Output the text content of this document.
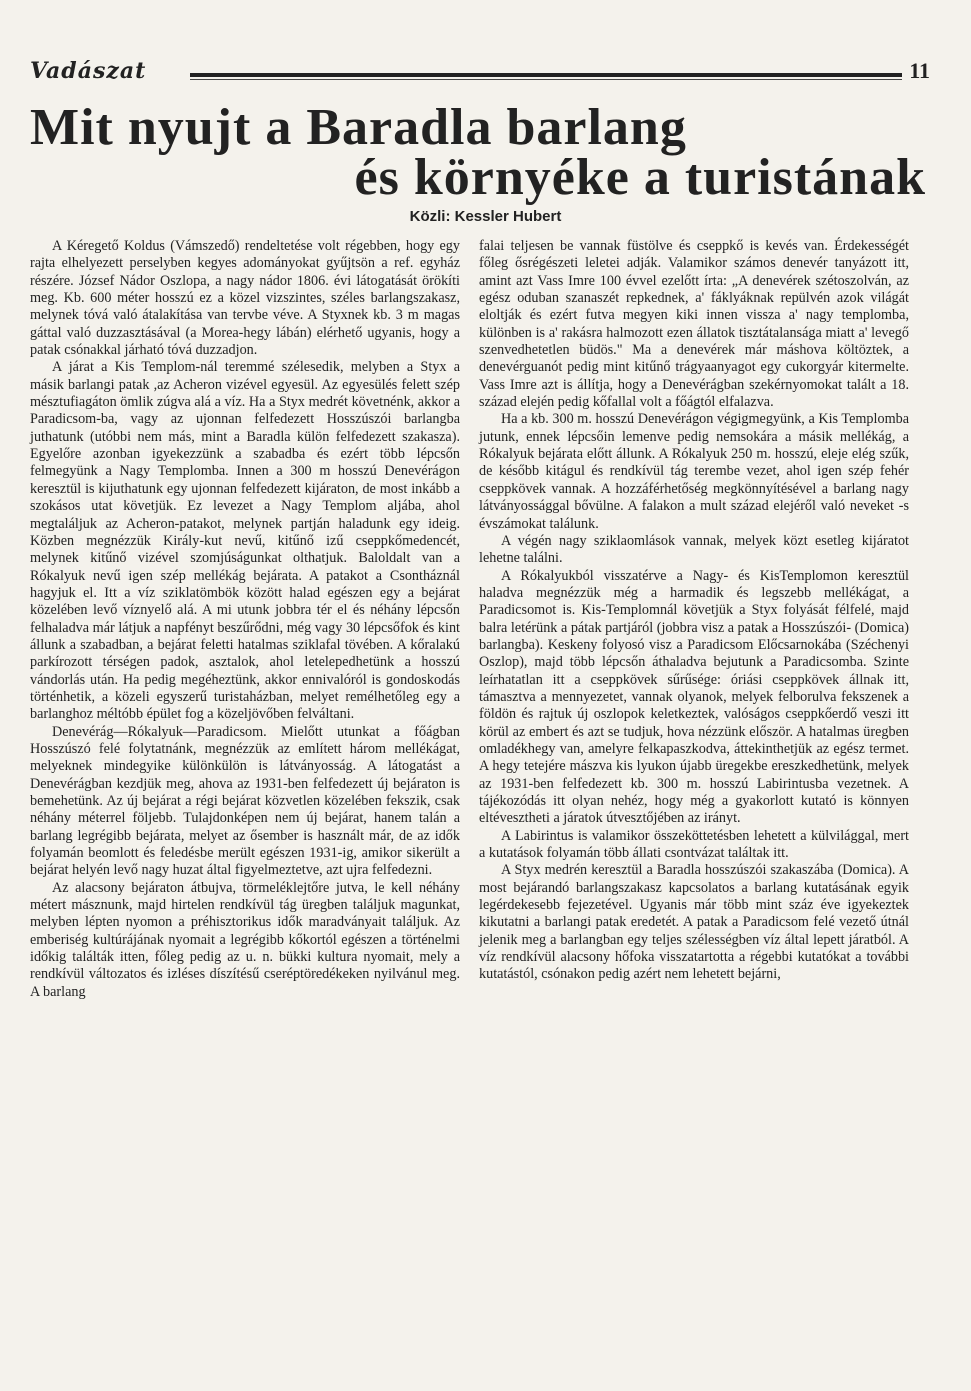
Vadászat	11
Mit nyujt a Baradla barlang
és környéke a turistának
Közli: Kessler Hubert

A Kéregető Koldus (Vámszedő) rendeltetése volt régebben, hogy egy rajta elhelyezett perselyben kegyes adományokat gyűjtsön a ref. egyház részére. József Nádor Oszlopa, a nagy nádor 1806. évi látogatását örökíti meg. Kb. 600 méter hosszú ez a közel vizszintes, széles barlangszakasz, melynek tóvá való átalakítása van tervbe véve. A Styxnek kb. 3 m magas gáttal való duzzasztásával (a Morea-hegy lábán) elérhető ugyanis, hogy a patak csónakkal járható tóvá duzzadjon.

A járat a Kis Templom-nál teremmé szélesedik, melyben a Styx a másik barlangi patak ,az Acheron vizével egyesül. Az egyesülés felett szép mésztufiagáton ömlik zúgva alá a víz. Ha a Styx medrét követnénk, akkor a Paradicsom-ba, vagy az ujonnan felfedezett Hosszúszói barlangba juthatunk (utóbbi nem más, mint a Baradla külön felfedezett szakasza). Egyelőre azonban igyekezzünk a szabadba és ezért több lépcsőn felmegyünk a Nagy Templomba. Innen a 300 m hosszú Denevérágon keresztül is kijuthatunk egy ujonnan felfedezett kijáraton, de most inkább a szokásos utat követjük. Ez levezet a Nagy Templom aljába, ahol megtaláljuk az Acheron-patakot, melynek partján haladunk egy ideig. Közben megnézzük Király-kut nevű, kitűnő izű cseppkőmedencét, melynek kitűnő vizével szomjúságunkat olthatjuk. Baloldalt van a Rókalyuk nevű igen szép mellékág bejárata. A patakot a Csontháznál hagyjuk el. Itt a víz sziklatömbök között halad egészen egy a bejárat közelében levő víznyelő alá. A mi utunk jobbra tér el és néhány lépcsőn felhaladva már látjuk a napfényt beszűrődni, még vagy 30 lépcsőfok és kint állunk a szabadban, a bejárat feletti hatalmas sziklafal tövében. A kőralakú parkírozott térségen padok, asztalok, ahol letelepedhetünk a hosszú vándorlás után. Ha pedig megéheztünk, akkor ennivalóról is gondoskodás történhetik, a közeli egyszerű turistaházban, melyet remélhetőleg egy a barlanghoz méltóbb épület fog a közeljövőben felváltani.

Denevérág—Rókalyuk—Paradicsom. Mielőtt utunkat a főágban Hosszúszó felé folytatnánk, megnézzük az említett három mellékágat, melyeknek mindegyike különkülön is látványosság. A látogatást a Denevérágban kezdjük meg, ahova az 1931-ben felfedezett új bejáraton is bemehetünk. Az új bejárat a régi bejárat közvetlen közelében fekszik, csak néhány méterrel följebb. Tulajdonképen nem új bejárat, hanem talán a barlang legrégibb bejárata, melyet az ősember is használt már, de az idők folyamán beomlott és feledésbe merült egészen 1931-ig, amikor sikerült a bejárat helyén levő nagy huzat által figyelmeztetve, azt ujra felfedezni.

Az alacsony bejáraton átbujva, törmeléklejtőre jutva, le kell néhány métert másznunk, majd hirtelen rendkívül tág üregben találjuk magunkat, melyben lépten nyomon a préhisztorikus idők maradványait találjuk. Az emberiség kultúrájának nyomait a legrégibb kőkortól egészen a történelmi időkig találták itten, főleg pedig az u. n. bükki kultura nyomait, mely a rendkívül változatos és izléses díszítésű cseréptöredékeken nyilvánul meg. A barlang

falai teljesen be vannak füstölve és cseppkő is kevés van. Érdekességét főleg ősrégészeti leletei adják. Valamikor számos denevér tanyázott itt, amint azt Vass Imre 100 évvel ezelőtt írta: „A denevérek szétoszolván, az egész oduban szanaszét repkednek, a' fáklyáknak repülvén azok világát eloltják és ezért futva megyen kiki innen vissza a' nagy templomba, különben is a' rakásra halmozott ezen állatok tisztátalansága miatt a' levegő szenvedhetetlen büdös." Ma a denevérek már máshova költöztek, a denevérguanót pedig mint kitűnő trágyaanyagot egy cukorgyár kitermelte. Vass Imre azt is állítja, hogy a Denevérágban szekérnyomokat talált a 18. század elején pedig kőfallal volt a főágtól elfalazva.

Ha a kb. 300 m. hosszú Denevérágon végigmegyünk, a Kis Templomba jutunk, ennek lépcsőin lemenve pedig nemsokára a másik mellékág, a Rókalyuk bejárata előtt állunk. A Rókalyuk 250 m. hosszú, eleje elég szűk, de később kitágul és rendkívül tág terembe vezet, ahol igen szép fehér cseppkövek vannak. A hozzáférhetőség megkönnyítésével a barlang nagy látványossággal bővülne. A falakon a mult század elejéről való neveket -s évszámokat találunk.

A végén nagy sziklaomlások vannak, melyek közt esetleg kijáratot lehetne találni.

A Rókalyukból visszatérve a Nagy- és KisTemplomon keresztül haladva megnézzük még a harmadik és legszebb mellékágat, a Paradicsomot is. Kis-Templomnál követjük a Styx folyását félfelé, majd balra letérünk a pátak partjáról (jobbra visz a patak a Hosszúszói- (Domica) barlangba). Keskeny folyosó visz a Paradicsom Előcsarnokába (Széchenyi Oszlop), majd több lépcsőn áthaladva bejutunk a Paradicsomba. Szinte leírhatatlan itt a cseppkövek sűrűsége: óriási cseppkövek állnak itt, támasztva a mennyezetet, vannak olyanok, melyek felborulva fekszenek a földön és rajtuk új oszlopok keletkeztek, valóságos cseppkőerdő veszi itt körül az embert és azt se tudjuk, hova nézzünk először. A hatalmas üregben omladékhegy van, amelyre felkapaszkodva, áttekinthetjük az egész termet. A hegy tetejére mászva kis lyukon újabb üregekbe ereszkedhetünk, melyek az 1931-ben felfedezett kb. 300 m. hosszú Labirintusba vezetnek. A tájékozódás itt olyan nehéz, hogy még a gyakorlott kutató is könnyen eltévesztheti a járatok útvesztőjében az irányt.

A Labirintus is valamikor összeköttetésben lehetett a külvilággal, mert a kutatások folyamán több állati csontvázat találtak itt.

A Styx medrén keresztül a Baradla hosszúszói szakaszába (Domica). A most bejárandó barlangszakasz kapcsolatos a barlang kutatásának egyik legérdekesebb fejezetével. Ugyanis már több mint száz éve igyekeztek kikutatni a barlangi patak eredetét. A patak a Paradicsom felé vezető útnál jelenik meg a barlangban egy teljes szélességben víz által lepett járatból. A víz rendkívül alacsony hőfoka visszatartotta a régebbi kutatókat a további kutatástól, csónakon pedig azért nem lehetett bejárni,
